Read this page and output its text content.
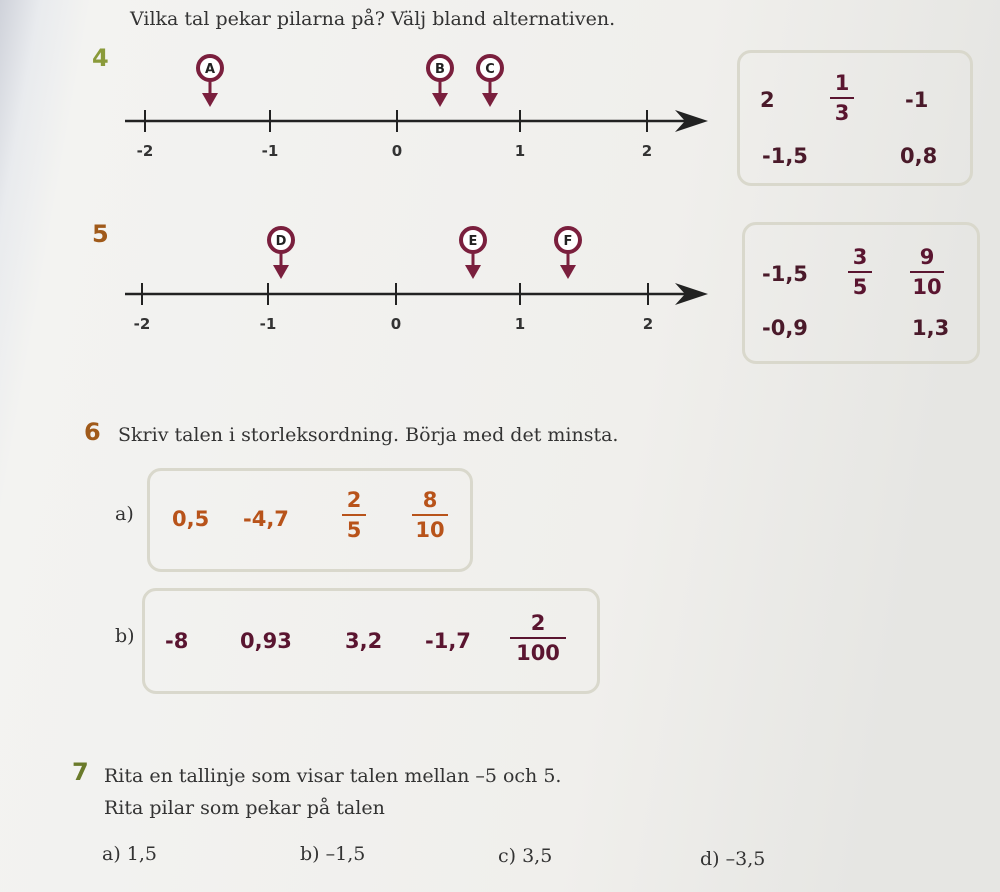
Vilka tal pekar pilarna på? Välj bland alternativen.
4
-2	-1	0	1	2
A	B	C
2
1
3
-1
-1,5	0,8
5
-2	-1	0	1	2
D	E	F
-1,5
3
5
9
10
-0,9	1,3
6 Skriv talen i storleksordning. Börja med det minsta.
a) 0,5 -4,7
2
5
8
10
b) -8 0,93	3,2 -1,7
2
100
7 Rita en tallinje som visar talen mellan –5 och 5.
Rita pilar som pekar på talen
a) 1,5	b) –1,5	c) 3,5	d) –3,5
